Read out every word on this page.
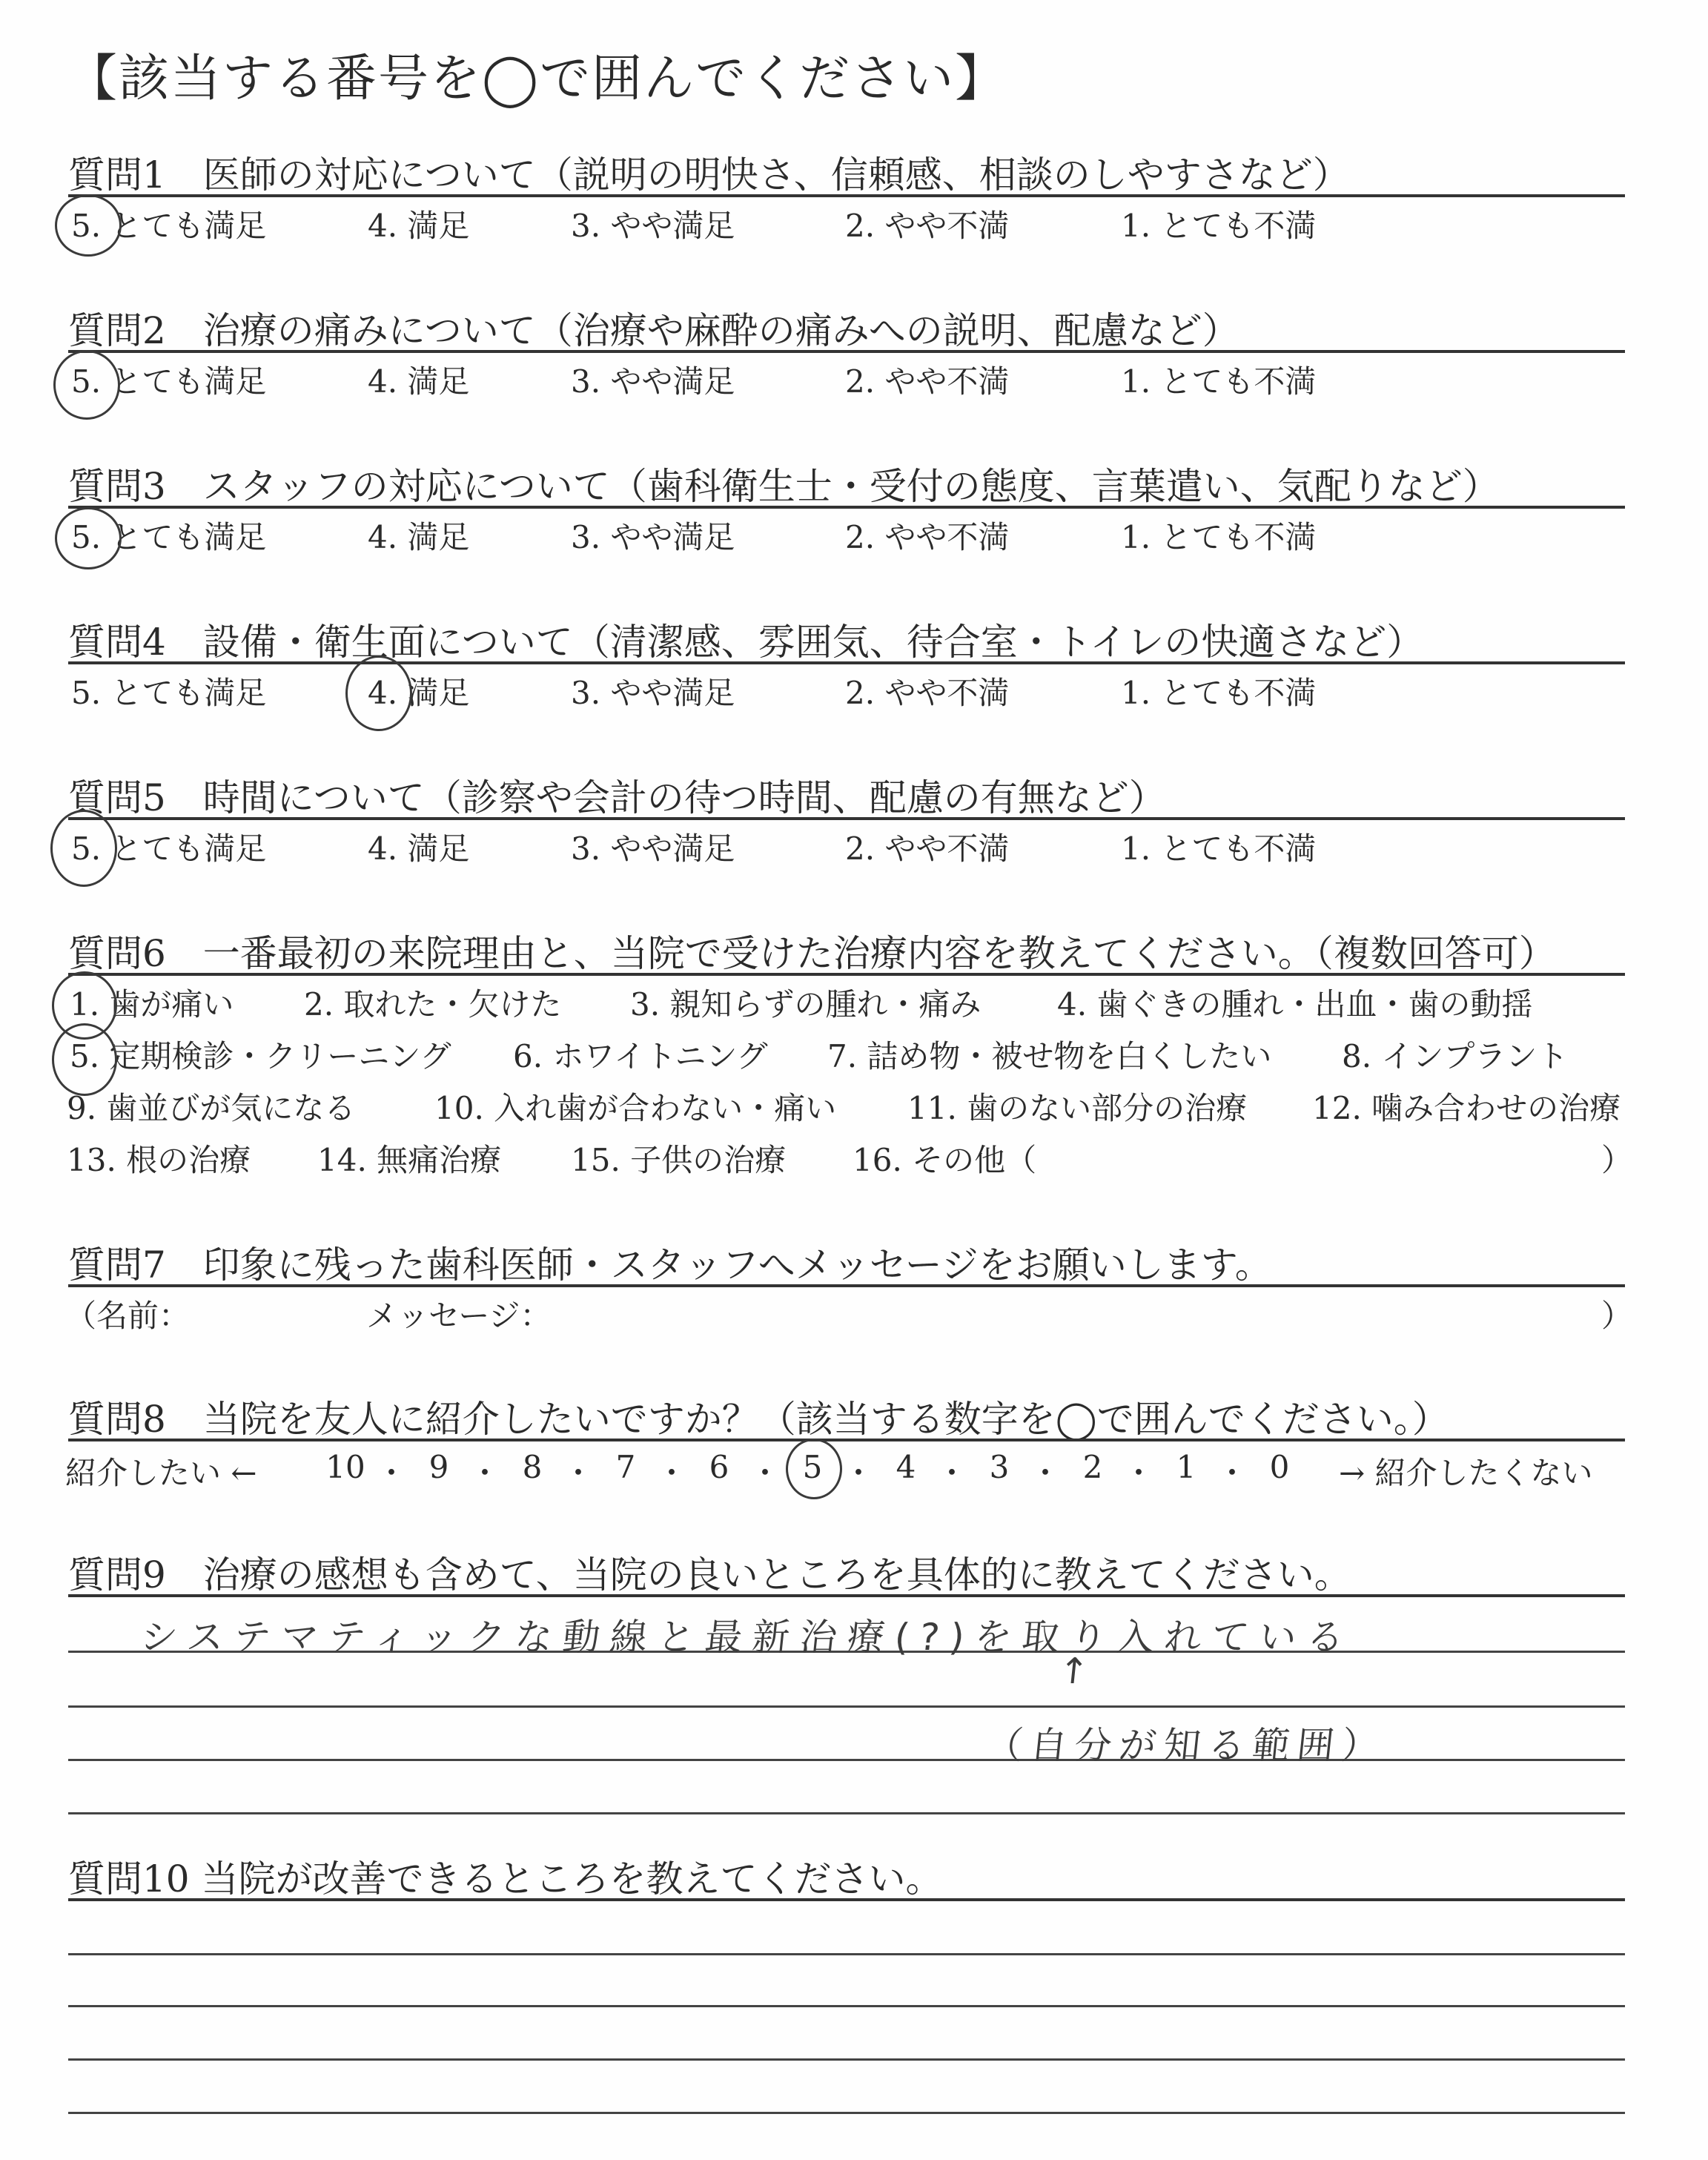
【該当する番号を◯で囲んでください】
質問1　医師の対応について（説明の明快さ、信頼感、相談のしやすさなど）
5. とても満足	4. 満足	3. やや満足	2. やや不満	1. とても不満
質問2　治療の痛みについて（治療や麻酔の痛みへの説明、配慮など）
5. とても満足	4. 満足	3. やや満足	2. やや不満	1. とても不満
質問3　スタッフの対応について（歯科衛生士・受付の態度、言葉遣い、気配りなど）
5. とても満足	4. 満足	3. やや満足	2. やや不満	1. とても不満
質問4　設備・衛生面について（清潔感、雰囲気、待合室・トイレの快適さなど）
5. とても満足	4. 満足	3. やや満足	2. やや不満	1. とても不満
質問5　時間について（診察や会計の待つ時間、配慮の有無など）
5. とても満足	4. 満足	3. やや満足	2. やや不満	1. とても不満
質問6　一番最初の来院理由と、当院で受けた治療内容を教えてください。（複数回答可）
1. 歯が痛い 2. 取れた・欠けた 3. 親知らずの腫れ・痛み 4. 歯ぐきの腫れ・出血・歯の動揺
5. 定期検診・クリーニング 6. ホワイトニング 7. 詰め物・被せ物を白くしたい 8. インプラント
9. 歯並びが気になる	10. 入れ歯が合わない・痛い 11. 歯のない部分の治療 12. 噛み合わせの治療
13. 根の治療 14. 無痛治療 15. 子供の治療 16. その他（	）
質問7　印象に残った歯科医師・スタッフへメッセージをお願いします。
（名前：	メッセージ：	）
質問8　当院を友人に紹介したいですか？（該当する数字を◯で囲んでください。）
紹介したい ← 10 ・ 9 ・ 8 ・ 7 ・ 6 ・ 5 ・ 4 ・ 3 ・ 2 ・ 1 ・ 0	→ 紹介したくない
質問9　治療の感想も含めて、当院の良いところを具体的に教えてください。
システマティックな動線と最新治療(?)を取り入れている
↑
（自分が知る範囲）
質問10 当院が改善できるところを教えてください。
